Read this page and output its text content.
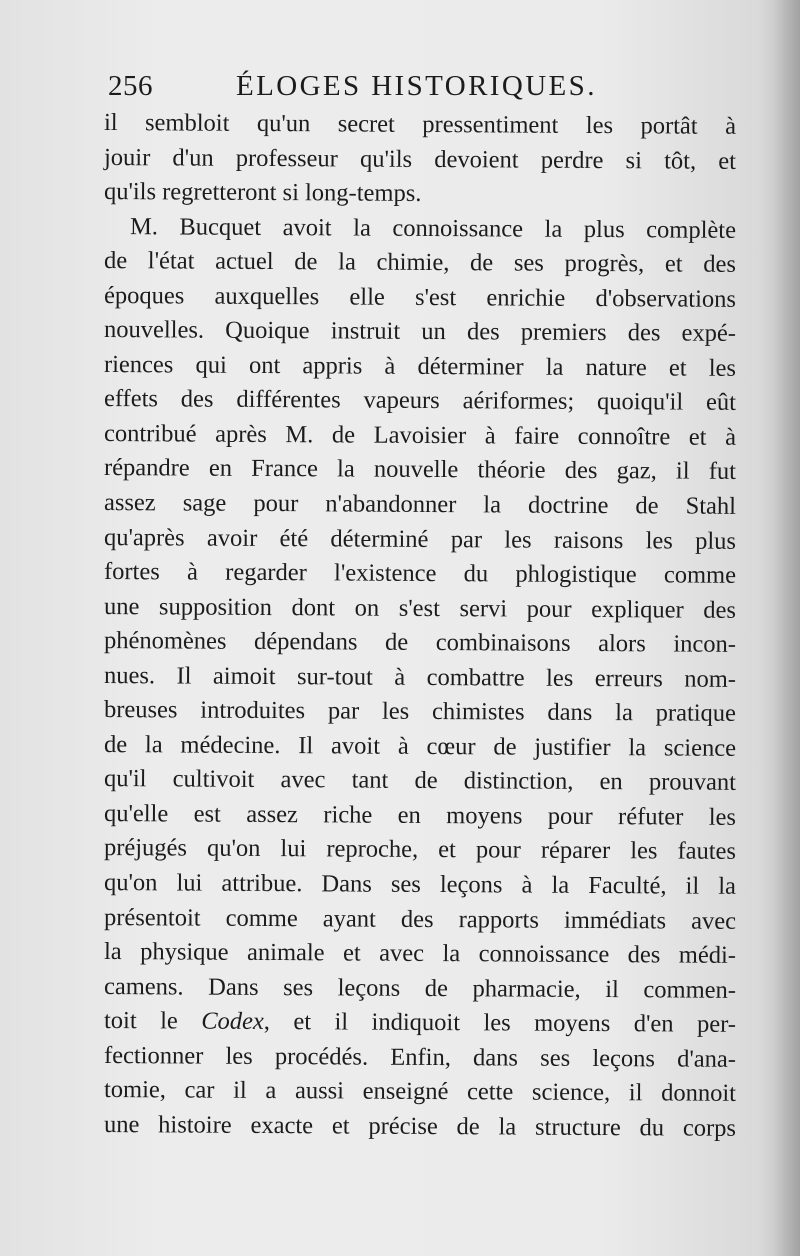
256	ÉLOGES HISTORIQUES.
il sembloit qu'un secret pressentiment les portât à
jouir d'un professeur qu'ils devoient perdre si tôt, et
qu'ils regretteront si long-temps.
M. Bucquet avoit la connoissance la plus complète
de l'état actuel de la chimie, de ses progrès, et des
époques auxquelles elle s'est enrichie d'observations
nouvelles. Quoique instruit un des premiers des expé-
riences qui ont appris à déterminer la nature et les
effets des différentes vapeurs aériformes; quoiqu'il eût
contribué après M. de Lavoisier à faire connoître et à
répandre en France la nouvelle théorie des gaz, il fut
assez sage pour n'abandonner la doctrine de Stahl
qu'après avoir été déterminé par les raisons les plus
fortes à regarder l'existence du phlogistique comme
une supposition dont on s'est servi pour expliquer des
phénomènes dépendans de combinaisons alors incon-
nues. Il aimoit sur-tout à combattre les erreurs nom-
breuses introduites par les chimistes dans la pratique
de la médecine. Il avoit à cœur de justifier la science
qu'il cultivoit avec tant de distinction, en prouvant
qu'elle est assez riche en moyens pour réfuter les
préjugés qu'on lui reproche, et pour réparer les fautes
qu'on lui attribue. Dans ses leçons à la Faculté, il la
présentoit comme ayant des rapports immédiats avec
la physique animale et avec la connoissance des médi-
camens. Dans ses leçons de pharmacie, il commen-
toit le Codex, et il indiquoit les moyens d'en per-
fectionner les procédés. Enfin, dans ses leçons d'ana-
tomie, car il a aussi enseigné cette science, il donnoit
une histoire exacte et précise de la structure du corps
